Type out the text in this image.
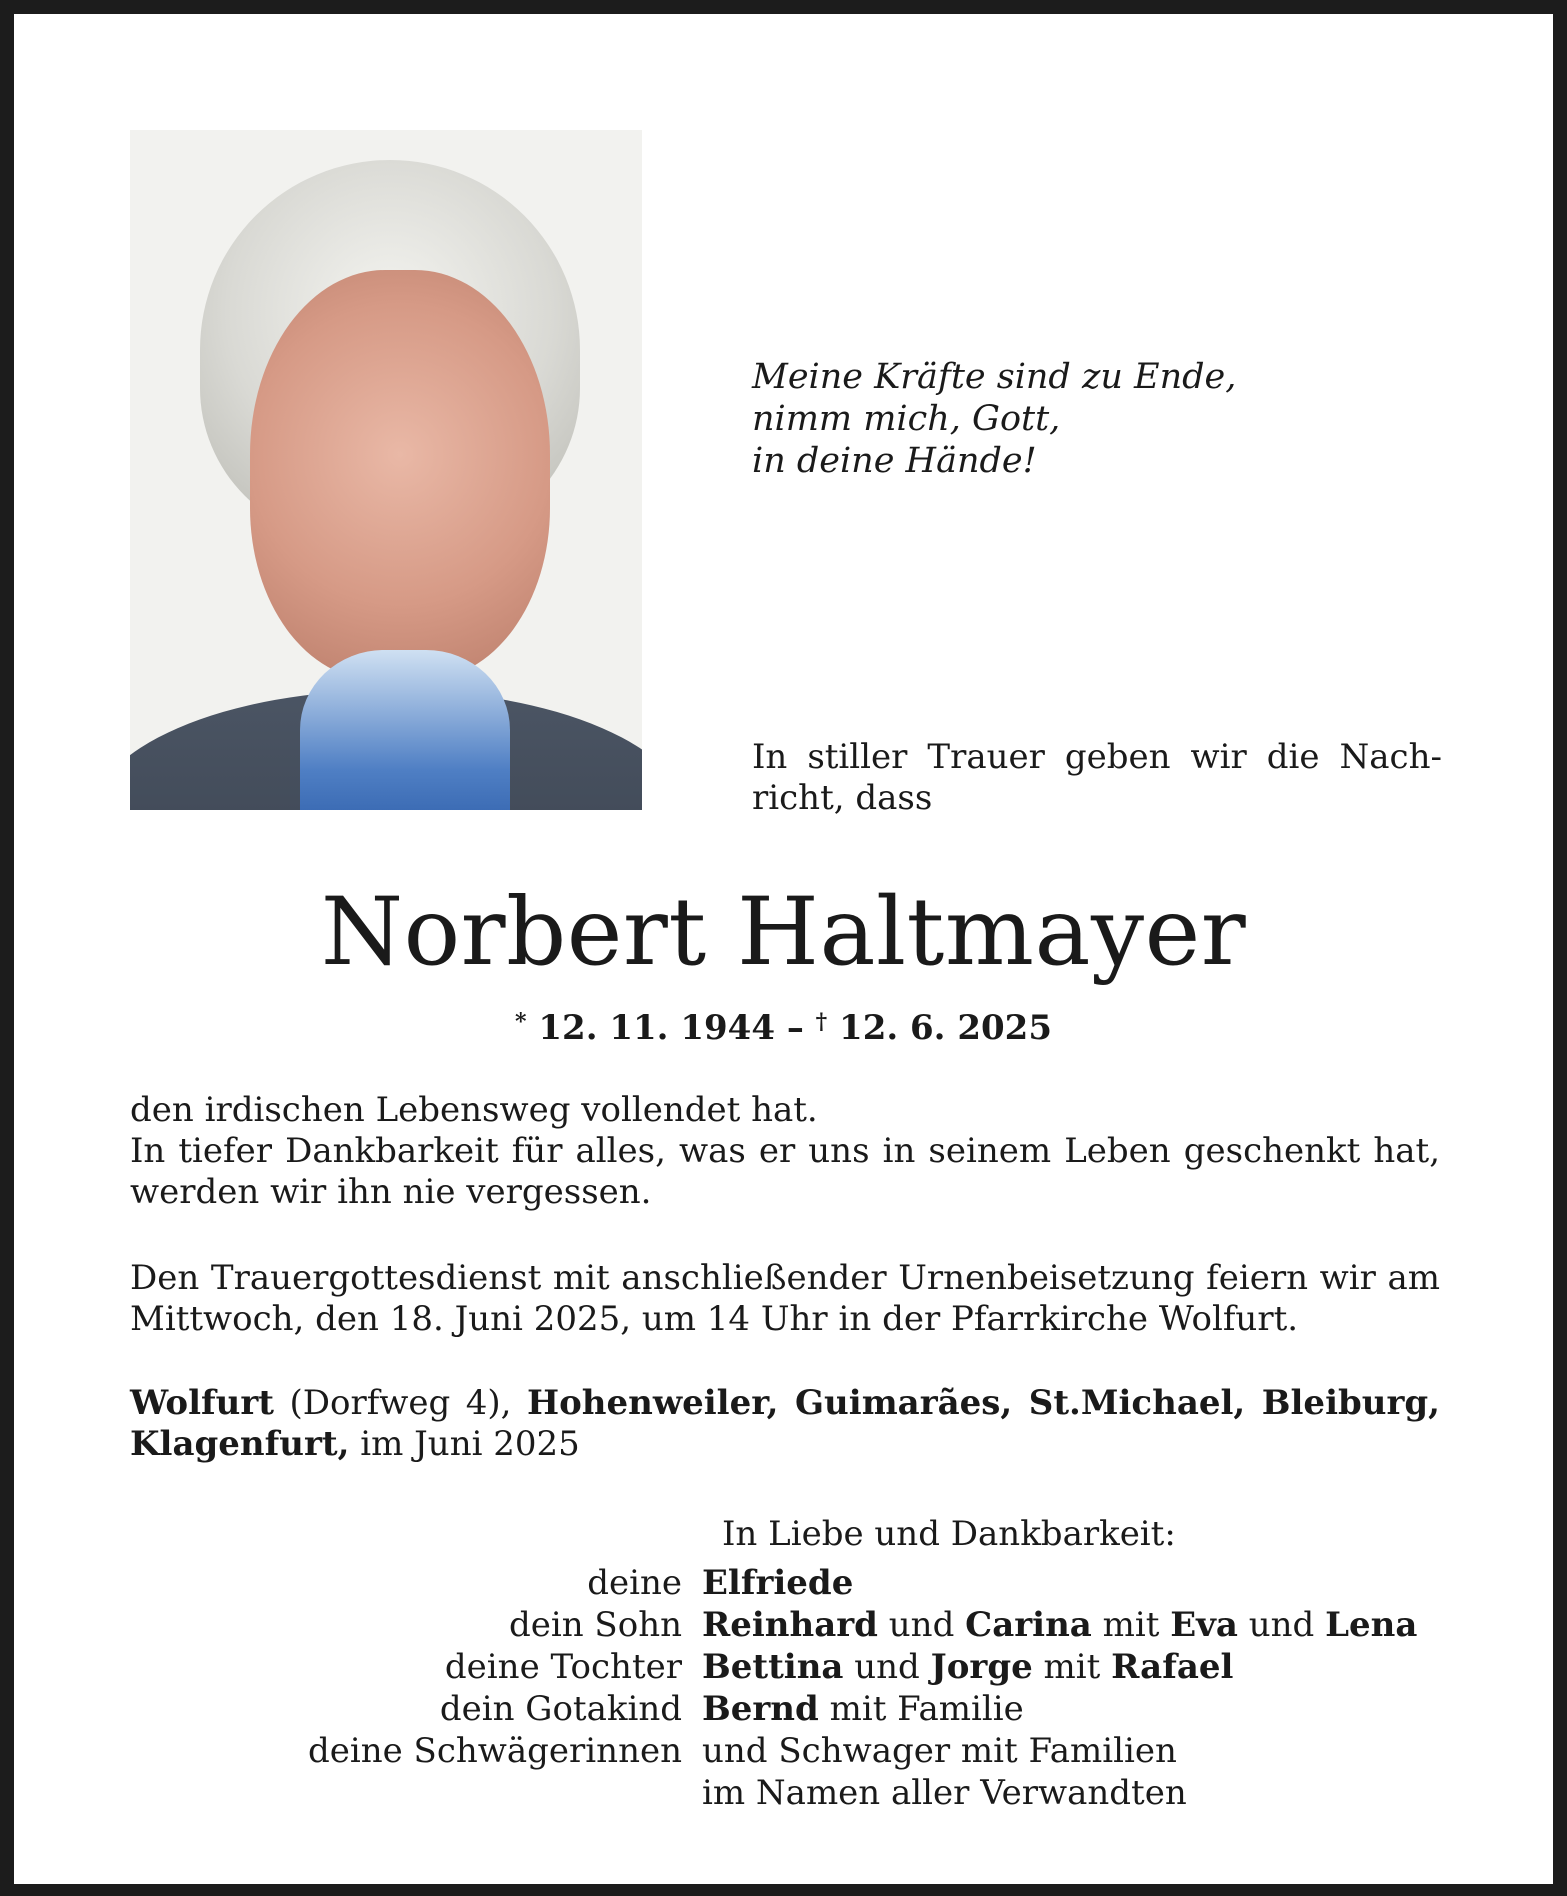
Meine Kräfte sind zu Ende,
nimm mich, Gott,
in deine Hände!
In stiller Trauer geben wir die Nach-
richt, dass
Norbert Haltmayer
* 12. 11. 1944 – † 12. 6. 2025
den irdischen Lebensweg vollendet hat.
In tiefer Dankbarkeit für alles, was er uns in seinem Leben geschenkt hat,
werden wir ihn nie vergessen.
Den Trauergottesdienst mit anschließender Urnenbeisetzung feiern wir am
Mittwoch, den 18. Juni 2025, um 14 Uhr in der Pfarrkirche Wolfurt.
Wolfurt (Dorfweg 4), Hohenweiler, Guimarães, St.Michael, Bleiburg,
Klagenfurt, im Juni 2025
In Liebe und Dankbarkeit:
deine Elfriede
dein Sohn Reinhard und Carina mit Eva und Lena
deine Tochter Bettina und Jorge mit Rafael
dein Gotakind Bernd mit Familie
deine Schwägerinnen und Schwager mit Familien
im Namen aller Verwandten
